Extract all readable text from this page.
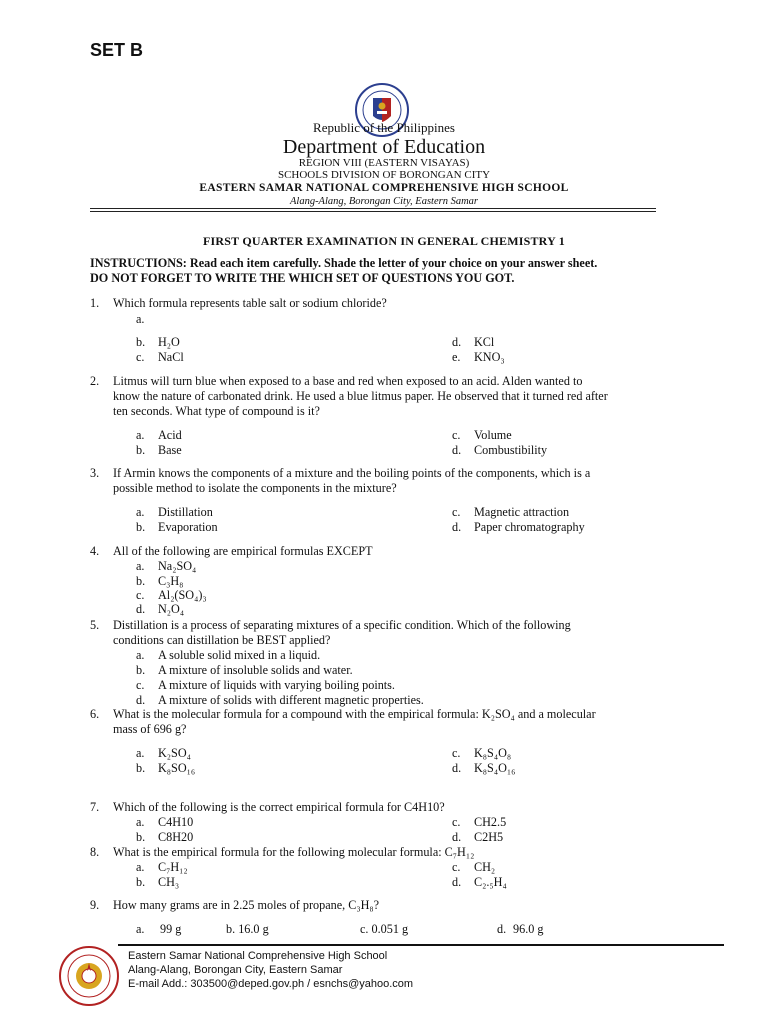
SET B
Republic of the Philippines
Department of Education
REGION VIII (EASTERN VISAYAS)
SCHOOLS DIVISION OF BORONGAN CITY
EASTERN SAMAR NATIONAL COMPREHENSIVE HIGH SCHOOL
Alang-Alang, Borongan City, Eastern Samar
FIRST QUARTER EXAMINATION IN GENERAL CHEMISTRY 1
INSTRUCTIONS: Read each item carefully. Shade the letter of your choice on your answer sheet.
DO NOT FORGET TO WRITE THE WHICH SET OF QUESTIONS YOU GOT.
1. Which formula represents table salt or sodium chloride?
a.
b. H₂O
c. NaCl
d. KCl
e. KNO₃
2. Litmus will turn blue when exposed to a base and red when exposed to an acid. Alden wanted to
know the nature of carbonated drink. He used a blue litmus paper. He observed that it turned red after
ten seconds. What type of compound is it?
a. Acid
b. Base
c. Volume
d. Combustibility
3. If Armin knows the components of a mixture and the boiling points of the components, which is a
possible method to isolate the components in the mixture?
a. Distillation
b. Evaporation
c. Magnetic attraction
d. Paper chromatography
4. All of the following are empirical formulas EXCEPT
a. Na₂SO₄
b. C₃H₈
c. Al₂(SO₄)₃
d. N₂O₄
5. Distillation is a process of separating mixtures of a specific condition. Which of the following
conditions can distillation be BEST applied?
a. A soluble solid mixed in a liquid.
b. A mixture of insoluble solids and water.
c. A mixture of liquids with varying boiling points.
d. A mixture of solids with different magnetic properties.
6. What is the molecular formula for a compound with the empirical formula: K₂SO₄ and a molecular
mass of 696 g?
a. K₂SO₄
b. K₈SO₁₆
c. K₈S₄O₈
d. K₈S₄O₁₆
7. Which of the following is the correct empirical formula for C4H10?
a. C4H10
b. C8H20
c. CH2.5
d. C2H5
8. What is the empirical formula for the following molecular formula: C₇H₁₂
a. C₇H₁₂
b. CH₃
c. CH₂
d. C₂.₅H₄
9. How many grams are in 2.25 moles of propane, C₃H₈?
a. 99 g	b. 16.0 g	c. 0.051 g	d. 96.0 g
Eastern Samar National Comprehensive High School
Alang-Alang, Borongan City, Eastern Samar
E-mail Add.: 303500@deped.gov.ph / esnchs@yahoo.com
